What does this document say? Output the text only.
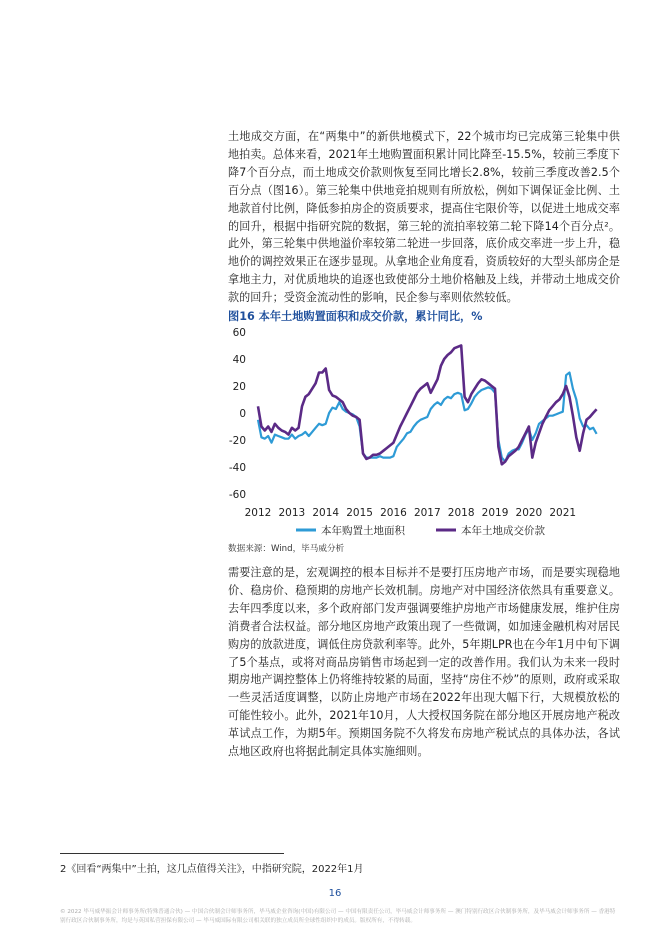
土地成交方面，在“两集中”的新供地模式下，22个城市均已完成第三轮集中供地拍卖。总体来看，2021年土地购置面积累计同比降至-15.5%，较前三季度下降7个百分点，而土地成交价款则恢复至同比增长2.8%，较前三季度改善2.5个百分点（图16）。第三轮集中供地竞拍规则有所放松，例如下调保证金比例、土地款首付比例，降低参拍房企的资质要求，提高住宅限价等，以促进土地成交率的回升，根据中指研究院的数据，第三轮的流拍率较第二轮下降14个百分点²。此外，第三轮集中供地溢价率较第二轮进一步回落，底价成交率进一步上升，稳地价的调控效果正在逐步显现。从拿地企业角度看，资质较好的大型头部房企是拿地主力，对优质地块的追逐也致使部分土地价格触及上线，并带动土地成交价款的回升；受资金流动性的影响，民企参与率则依然较低。

图16 本年土地购置面积和成交价款，累计同比，%
60
40
20
0
-20
-40
-60
2012 2013 2014 2015 2016 2017 2018 2019 2020 2021
本年购置土地面积	本年土地成交价款
数据来源：Wind，毕马威分析

需要注意的是，宏观调控的根本目标并不是要打压房地产市场，而是要实现稳地价、稳房价、稳预期的房地产长效机制。房地产对中国经济依然具有重要意义。去年四季度以来，多个政府部门发声强调要维护房地产市场健康发展，维护住房消费者合法权益。部分地区房地产政策出现了一些微调，如加速金融机构对居民购房的放款进度，调低住房贷款利率等。此外，5年期LPR也在今年1月中旬下调了5个基点，或将对商品房销售市场起到一定的改善作用。我们认为未来一段时期房地产调控整体上仍将维持较紧的局面，坚持“房住不炒”的原则，政府或采取一些灵活适度调整，以防止房地产市场在2022年出现大幅下行，大规模放松的可能性较小。此外，2021年10月，人大授权国务院在部分地区开展房地产税改革试点工作，为期5年。预期国务院不久将发布房地产税试点的具体办法，各试点地区政府也将据此制定具体实施细则。

2《回看“两集中”土拍，这几点值得关注》，中指研究院，2022年1月
16
© 2022 毕马威华振会计师事务所(特殊普通合伙) — 中国合伙制会计师事务所，毕马威企业咨询(中国)有限公司 — 中国有限责任公司，毕马威会计师事务所 — 澳门特别行政区合伙制事务所，及毕马威会计师事务所 — 香港特别行政区合伙制事务所，均是与英国私营担保有限公司 — 毕马威国际有限公司相关联的独立成员所全球性组织中的成员。版权所有，不得转载。
